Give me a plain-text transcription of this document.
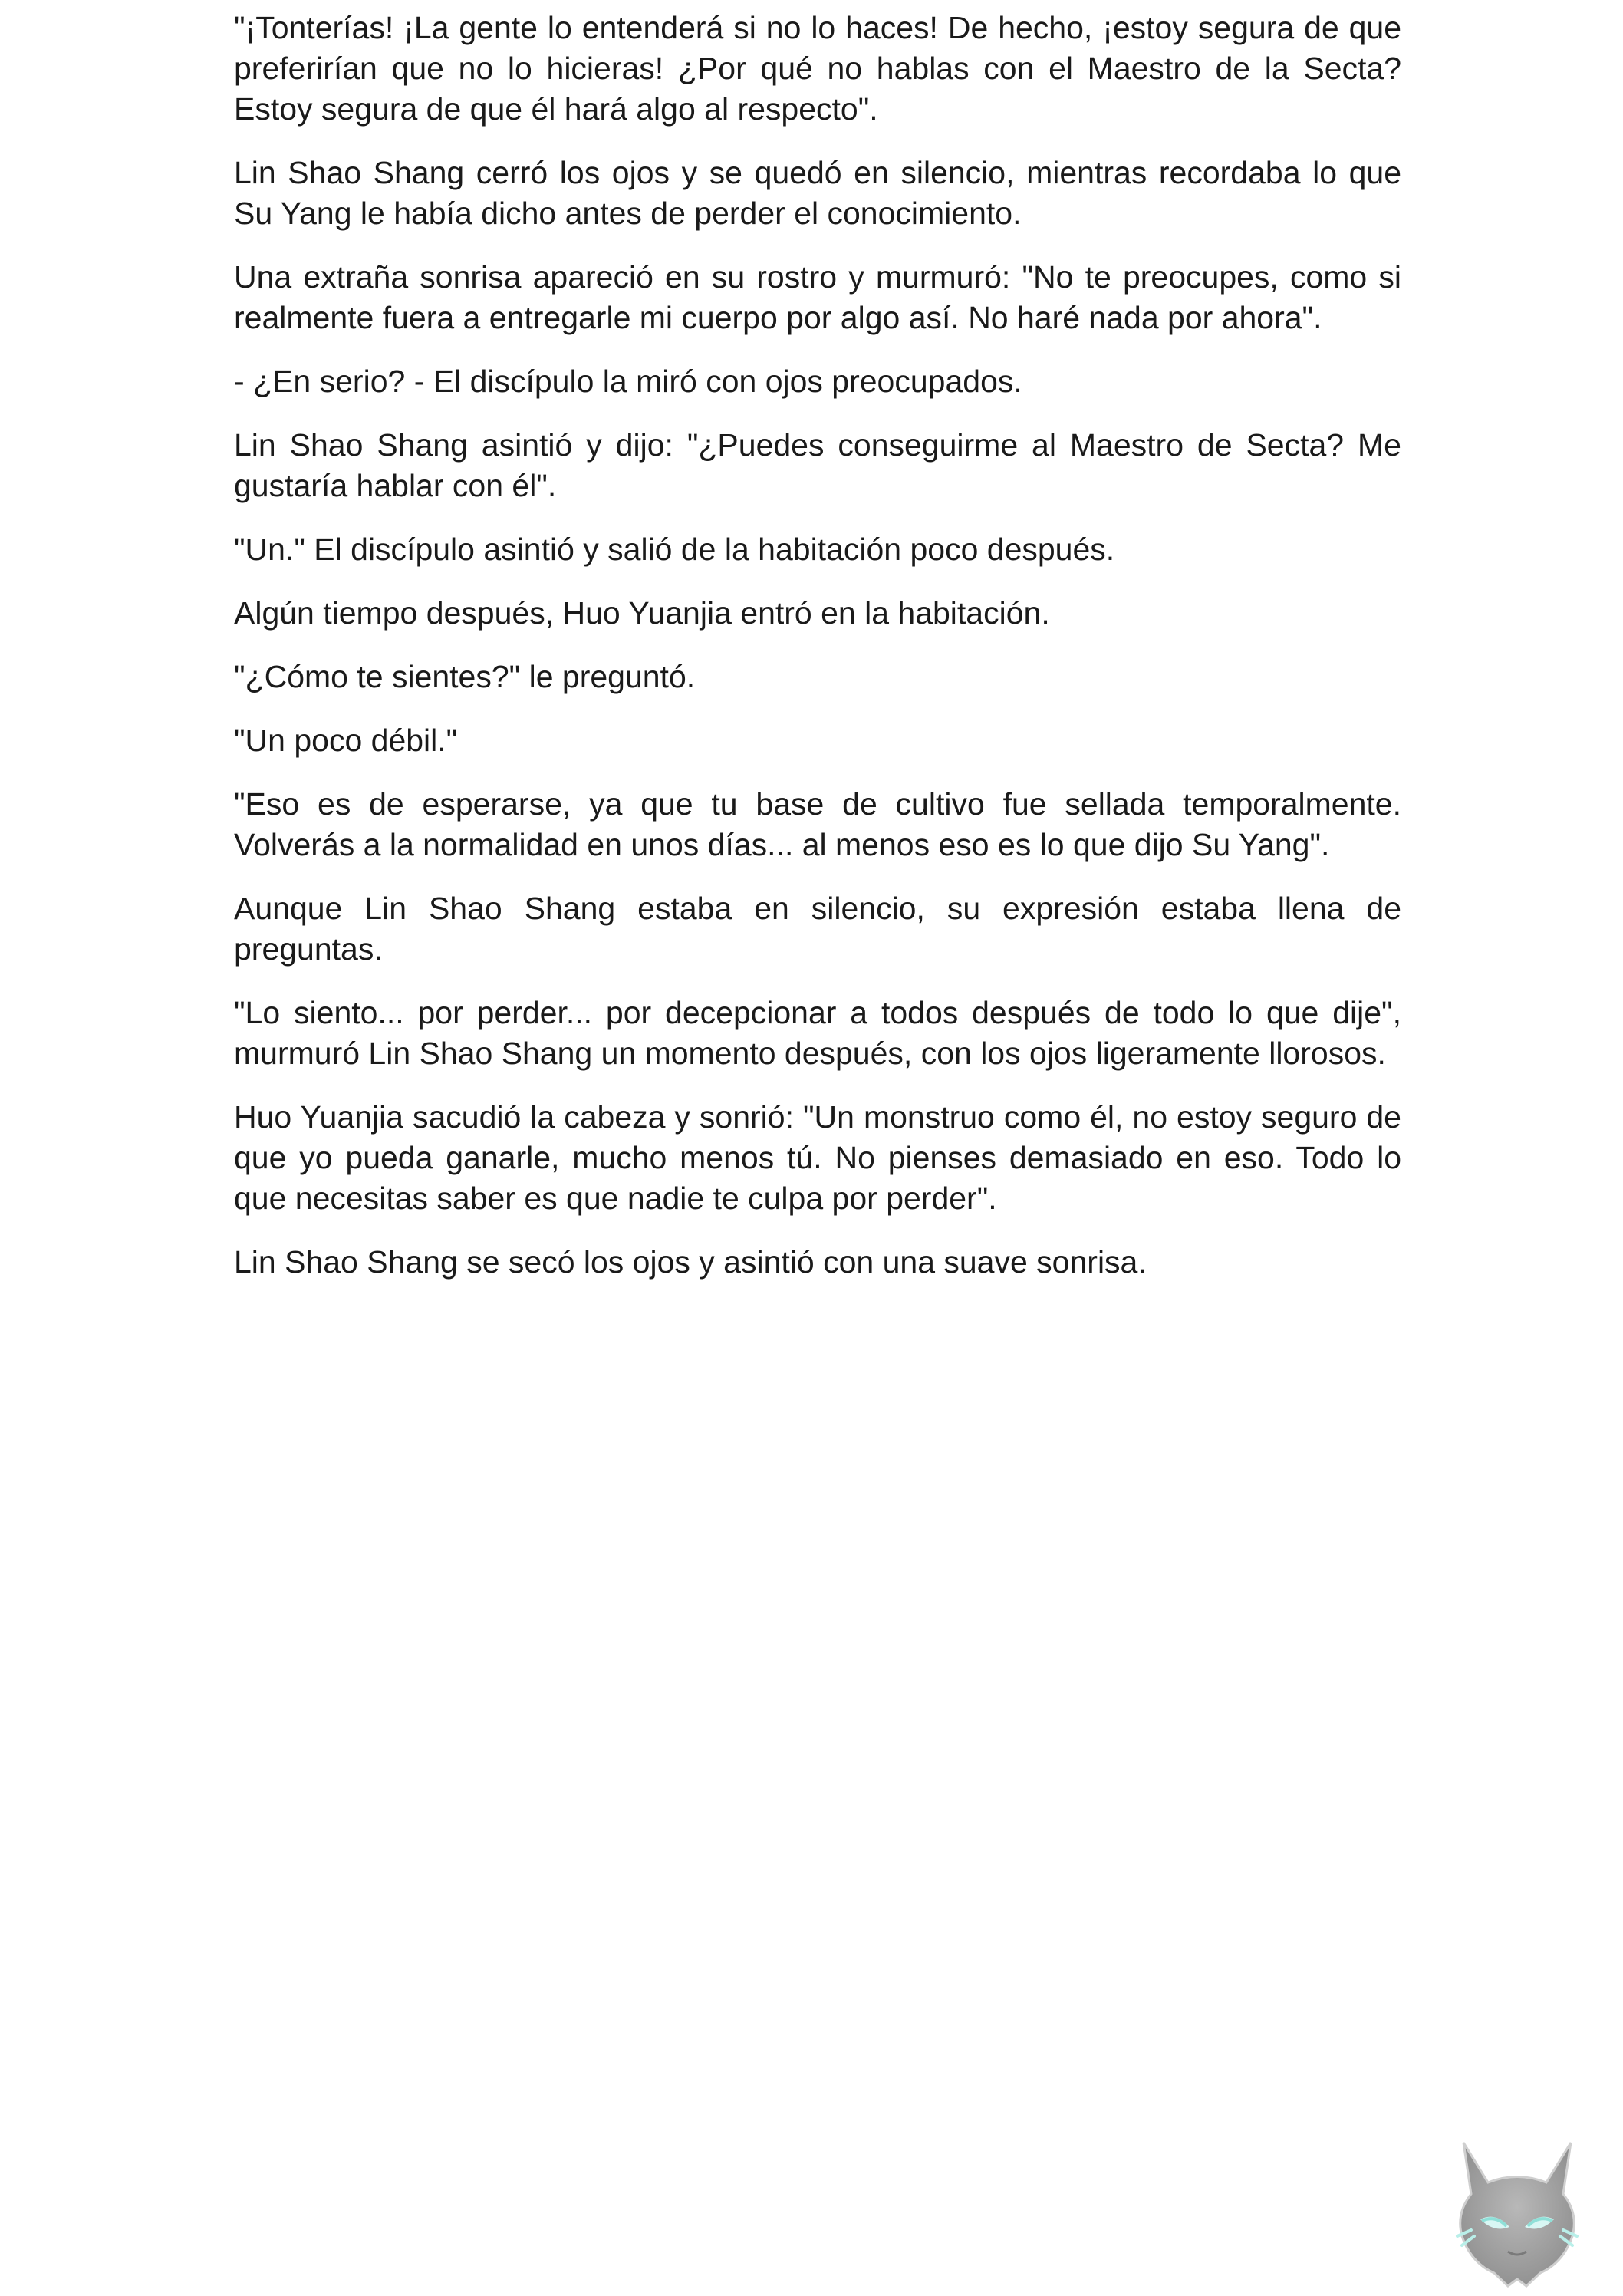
"¡Tonterías! ¡La gente lo entenderá si no lo haces! De hecho, ¡estoy segura de que preferirían que no lo hicieras! ¿Por qué no hablas con el Maestro de la Secta? Estoy segura de que él hará algo al respecto".

Lin Shao Shang cerró los ojos y se quedó en silencio, mientras recordaba lo que Su Yang le había dicho antes de perder el conocimiento.

Una extraña sonrisa apareció en su rostro y murmuró: "No te preocupes, como si realmente fuera a entregarle mi cuerpo por algo así. No haré nada por ahora".

- ¿En serio? - El discípulo la miró con ojos preocupados.

Lin Shao Shang asintió y dijo: "¿Puedes conseguirme al Maestro de Secta? Me gustaría hablar con él".

"Un." El discípulo asintió y salió de la habitación poco después.

Algún tiempo después, Huo Yuanjia entró en la habitación.

"¿Cómo te sientes?" le preguntó.

"Un poco débil."

"Eso es de esperarse, ya que tu base de cultivo fue sellada temporalmente. Volverás a la normalidad en unos días... al menos eso es lo que dijo Su Yang".

Aunque Lin Shao Shang estaba en silencio, su expresión estaba llena de preguntas.

"Lo siento... por perder... por decepcionar a todos después de todo lo que dije", murmuró Lin Shao Shang un momento después, con los ojos ligeramente llorosos.

Huo Yuanjia sacudió la cabeza y sonrió: "Un monstruo como él, no estoy seguro de que yo pueda ganarle, mucho menos tú. No pienses demasiado en eso. Todo lo que necesitas saber es que nadie te culpa por perder".

Lin Shao Shang se secó los ojos y asintió con una suave sonrisa.
